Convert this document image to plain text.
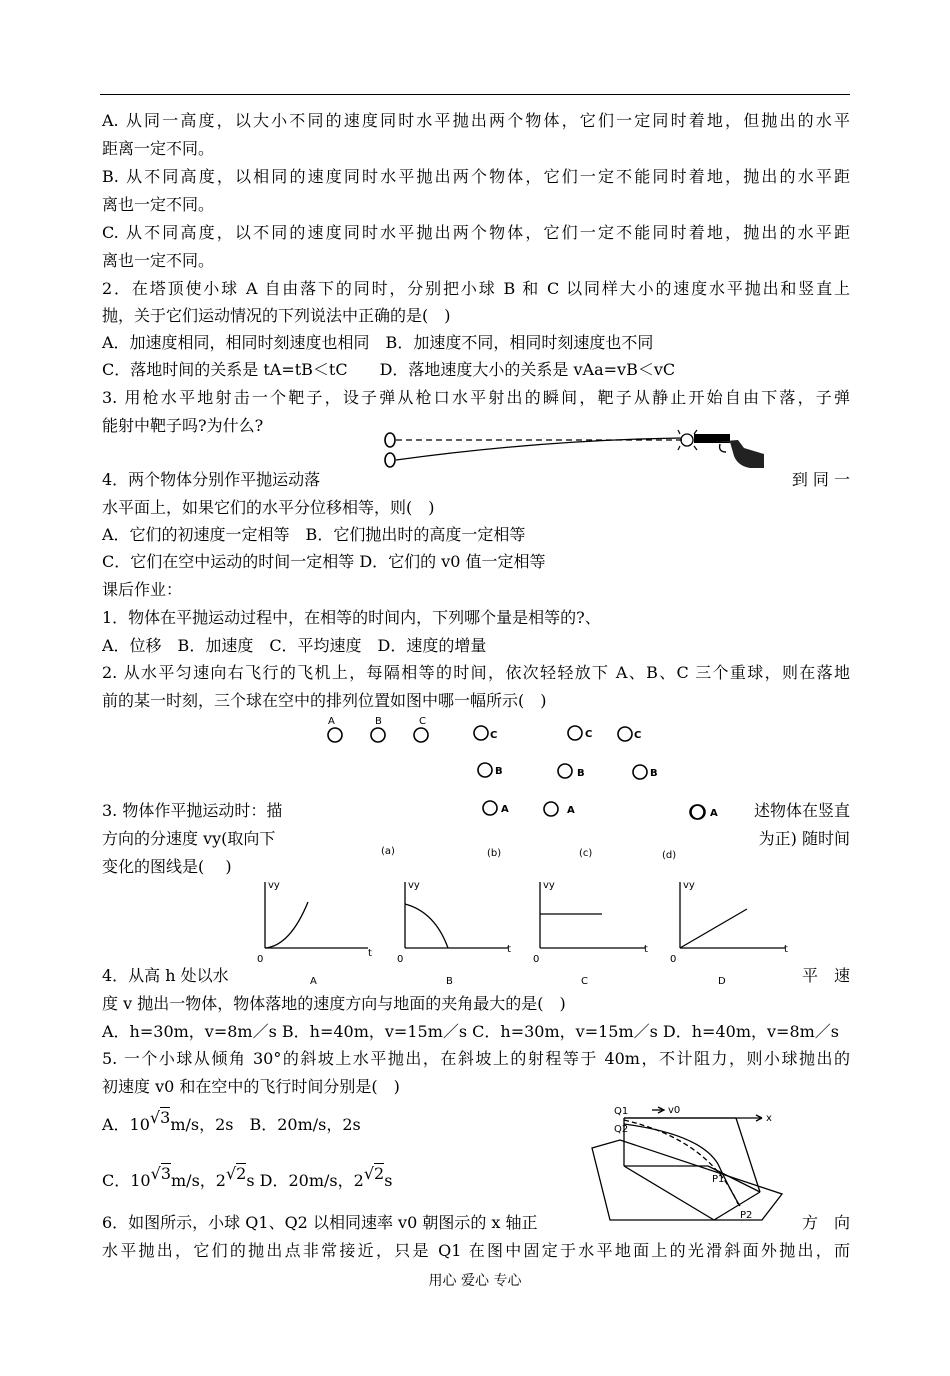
A. 从同一高度，以大小不同的速度同时水平抛出两个物体，它们一定同时着地，但抛出的水平
距离一定不同。
B. 从不同高度，以相同的速度同时水平抛出两个物体，它们一定不能同时着地，抛出的水平距
离也一定不同。
C. 从不同高度，以不同的速度同时水平抛出两个物体，它们一定不能同时着地，抛出的水平距
离也一定不同。
2．在塔顶使小球 A 自由落下的同时，分别把小球 B 和 C 以同样大小的速度水平抛出和竖直上
抛，关于它们运动情况的下列说法中正确的是(　)
A．加速度相同，相同时刻速度也相同　B．加速度不同，相同时刻速度也不同
C．落地时间的关系是 tA=tB＜tC　　D．落地速度大小的关系是 vAa=vB＜vC
3. 用枪水平地射击一个靶子，设子弹从枪口水平射出的瞬间，靶子从静止开始自由下落，子弹
能射中靶子吗?为什么?
4．两个物体分别作平抛运动落	到 同 一
水平面上，如果它们的水平分位移相等，则(　)
A．它们的初速度一定相等　B．它们抛出时的高度一定相等
C．它们在空中运动的时间一定相等 D．它们的 v0 值一定相等
课后作业：
1．物体在平抛运动过程中，在相等的时间内，下列哪个量是相等的?、
A．位移　B．加速度　C．平均速度　D．速度的增量
2. 从水平匀速向右飞行的飞机上，每隔相等的时间，依次轻轻放下 A、B、C 三个重球，则在落地
前的某一时刻，三个球在空中的排列位置如图中哪一幅所示(　)
A	B	C
C
B
A
C
B
A
C
B
(a)	(b)	(c)	(d)
A
3. 物体作平抛运动时：描	述物体在竖直
方向的分速度 vy(取向下	为正) 随时间
变化的图线是(　 )
vy	vy	vy	vy
t	t	t	t
0	0	0	0
A	B	C	D
4．从高 h 处以水	平　速
度 v 抛出一物体，物体落地的速度方向与地面的夹角最大的是(　)
A．h=30m，v=8m／s B．h=40m，v=15m／s C．h=30m，v=15m／s D．h=40m，v=8m／s
5. 一个小球从倾角 30°的斜坡上水平抛出，在斜坡上的射程等于 40m，不计阻力，则小球抛出的
初速度 v0 和在空中的飞行时间分别是(　)
A．10√3m/s，2s　B．20m/s，2s
C．10√3m/s，2√2s D．20m/s，2√2s
Q1
Q2
v0
x
P1
P2
6．如图所示，小球 Q1、Q2 以相同速率 v0 朝图示的 x 轴正	方　向
水平抛出，它们的抛出点非常接近，只是 Q1 在图中固定于水平地面上的光滑斜面外抛出，而
用心 爱心 专心
